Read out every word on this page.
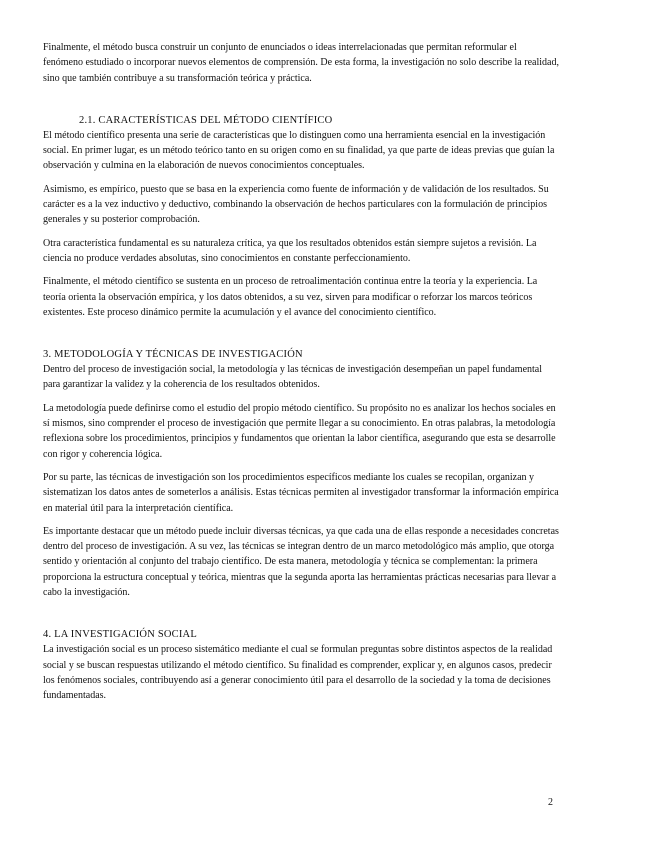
Finalmente, el método busca construir un conjunto de enunciados o ideas interrelacionadas que permitan reformular el fenómeno estudiado o incorporar nuevos elementos de comprensión. De esta forma, la investigación no solo describe la realidad, sino que también contribuye a su transformación teórica y práctica.

2.1. CARACTERÍSTICAS DEL MÉTODO CIENTÍFICO

El método científico presenta una serie de características que lo distinguen como una herramienta esencial en la investigación social. En primer lugar, es un método teórico tanto en su origen como en su finalidad, ya que parte de ideas previas que guían la observación y culmina en la elaboración de nuevos conocimientos conceptuales.

Asimismo, es empírico, puesto que se basa en la experiencia como fuente de información y de validación de los resultados. Su carácter es a la vez inductivo y deductivo, combinando la observación de hechos particulares con la formulación de principios generales y su posterior comprobación.

Otra característica fundamental es su naturaleza crítica, ya que los resultados obtenidos están siempre sujetos a revisión. La ciencia no produce verdades absolutas, sino conocimientos en constante perfeccionamiento.

Finalmente, el método científico se sustenta en un proceso de retroalimentación continua entre la teoría y la experiencia. La teoría orienta la observación empírica, y los datos obtenidos, a su vez, sirven para modificar o reforzar los marcos teóricos existentes. Este proceso dinámico permite la acumulación y el avance del conocimiento científico.

3. METODOLOGÍA Y TÉCNICAS DE INVESTIGACIÓN

Dentro del proceso de investigación social, la metodología y las técnicas de investigación desempeñan un papel fundamental para garantizar la validez y la coherencia de los resultados obtenidos.

La metodología puede definirse como el estudio del propio método científico. Su propósito no es analizar los hechos sociales en sí mismos, sino comprender el proceso de investigación que permite llegar a su conocimiento. En otras palabras, la metodología reflexiona sobre los procedimientos, principios y fundamentos que orientan la labor científica, asegurando que esta se desarrolle con rigor y coherencia lógica.

Por su parte, las técnicas de investigación son los procedimientos específicos mediante los cuales se recopilan, organizan y sistematizan los datos antes de someterlos a análisis. Estas técnicas permiten al investigador transformar la información empírica en material útil para la interpretación científica.

Es importante destacar que un método puede incluir diversas técnicas, ya que cada una de ellas responde a necesidades concretas dentro del proceso de investigación. A su vez, las técnicas se integran dentro de un marco metodológico más amplio, que otorga sentido y orientación al conjunto del trabajo científico. De esta manera, metodología y técnica se complementan: la primera proporciona la estructura conceptual y teórica, mientras que la segunda aporta las herramientas prácticas necesarias para llevar a cabo la investigación.

4. LA INVESTIGACIÓN SOCIAL

La investigación social es un proceso sistemático mediante el cual se formulan preguntas sobre distintos aspectos de la realidad social y se buscan respuestas utilizando el método científico. Su finalidad es comprender, explicar y, en algunos casos, predecir los fenómenos sociales, contribuyendo así a generar conocimiento útil para el desarrollo de la sociedad y la toma de decisiones fundamentadas.

2
